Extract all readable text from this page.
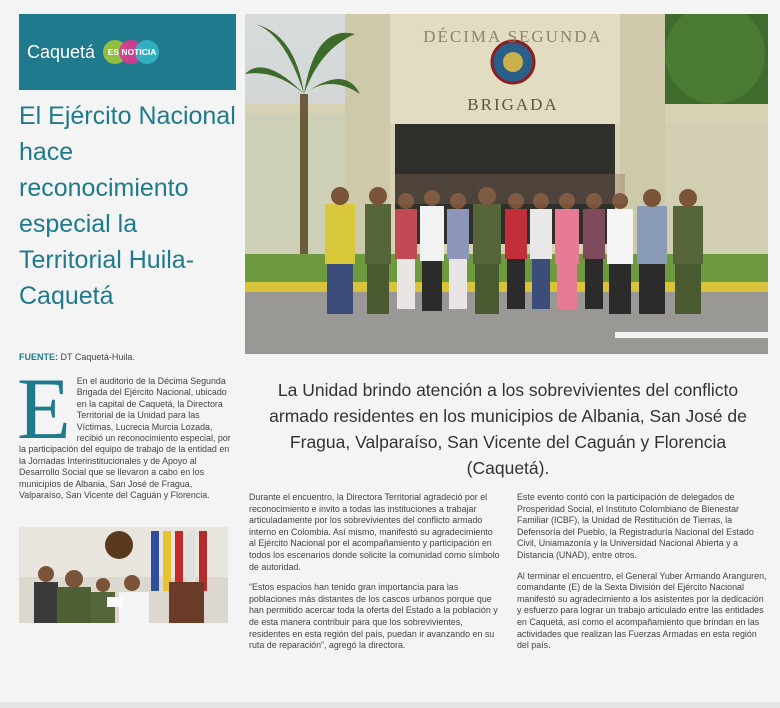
Caquetá	ES NOTICIA
El Ejército Nacional hace reconocimiento especial la Territorial Huila-Caquetá
FUENTE: DT Caquetá-Huila.
E En el auditorio de la Décima Segunda Brigada del Ejército Nacional, ubicado en la capital de Caquetá, la Directora Territorial de la Unidad para las Víctimas, Lucrecia Murcia Lozada, recibió un reconocimiento especial, por la participación del equipo de trabajo de la entidad en la Jornadas Interinstitucionales y de Apoyo al Desarrollo Social que se llevaron a cabo en los municipios de Albania, San José de Fragua, Valparaíso, San Vicente del Caguán y Florencia.
DÉCIMA SEGUNDA
BRIGADA
La Unidad brindo atención a los sobrevivientes del conflicto armado residentes en los municipios de Albania, San José de Fragua, Valparaíso, San Vicente del Caguán y Florencia (Caquetá).

Durante el encuentro, la Directora Territorial agradeció por el reconocimiento e invito a todas las instituciones a trabajar articuladamente por los sobrevivientes del conflicto armado interno en Colombia. Así mismo, manifestó su agradecimiento al Ejército Nacional por el acompañamiento y participación en todos los escenarios donde solicite la comunidad como símbolo de autoridad.

“Estos espacios han tenido gran importancia para las poblaciones más distantes de los cascos urbanos porque que han permitido acercar toda la oferta del Estado a la población y de esta manera contribuir para que los sobrevivientes, residentes en esta región del país, puedan ir avanzando en su ruta de reparación”, agregó la directora.

Este evento contó con la participación de delegados de Prosperidad Social, el Instituto Colombiano de Bienestar Familiar (ICBF), la Unidad de Restitución de Tierras, la Defensoría del Pueblo, la Registraduría Nacional del Estado Civil, Uniamazonía y la Universidad Nacional Abierta y a Distancia (UNAD), entre otros.

Al terminar el encuentro, el General Yuber Armando Aranguren, comandante (E) de la Sexta División del Ejército Nacional manifestó su agradecimiento a los asistentes por la dedicación y esfuerzo para lograr un trabajo articulado entre las entidades en Caquetá, así como el acompañamiento que brindan en las actividades que realizan las Fuerzas Armadas en esta región del país.
